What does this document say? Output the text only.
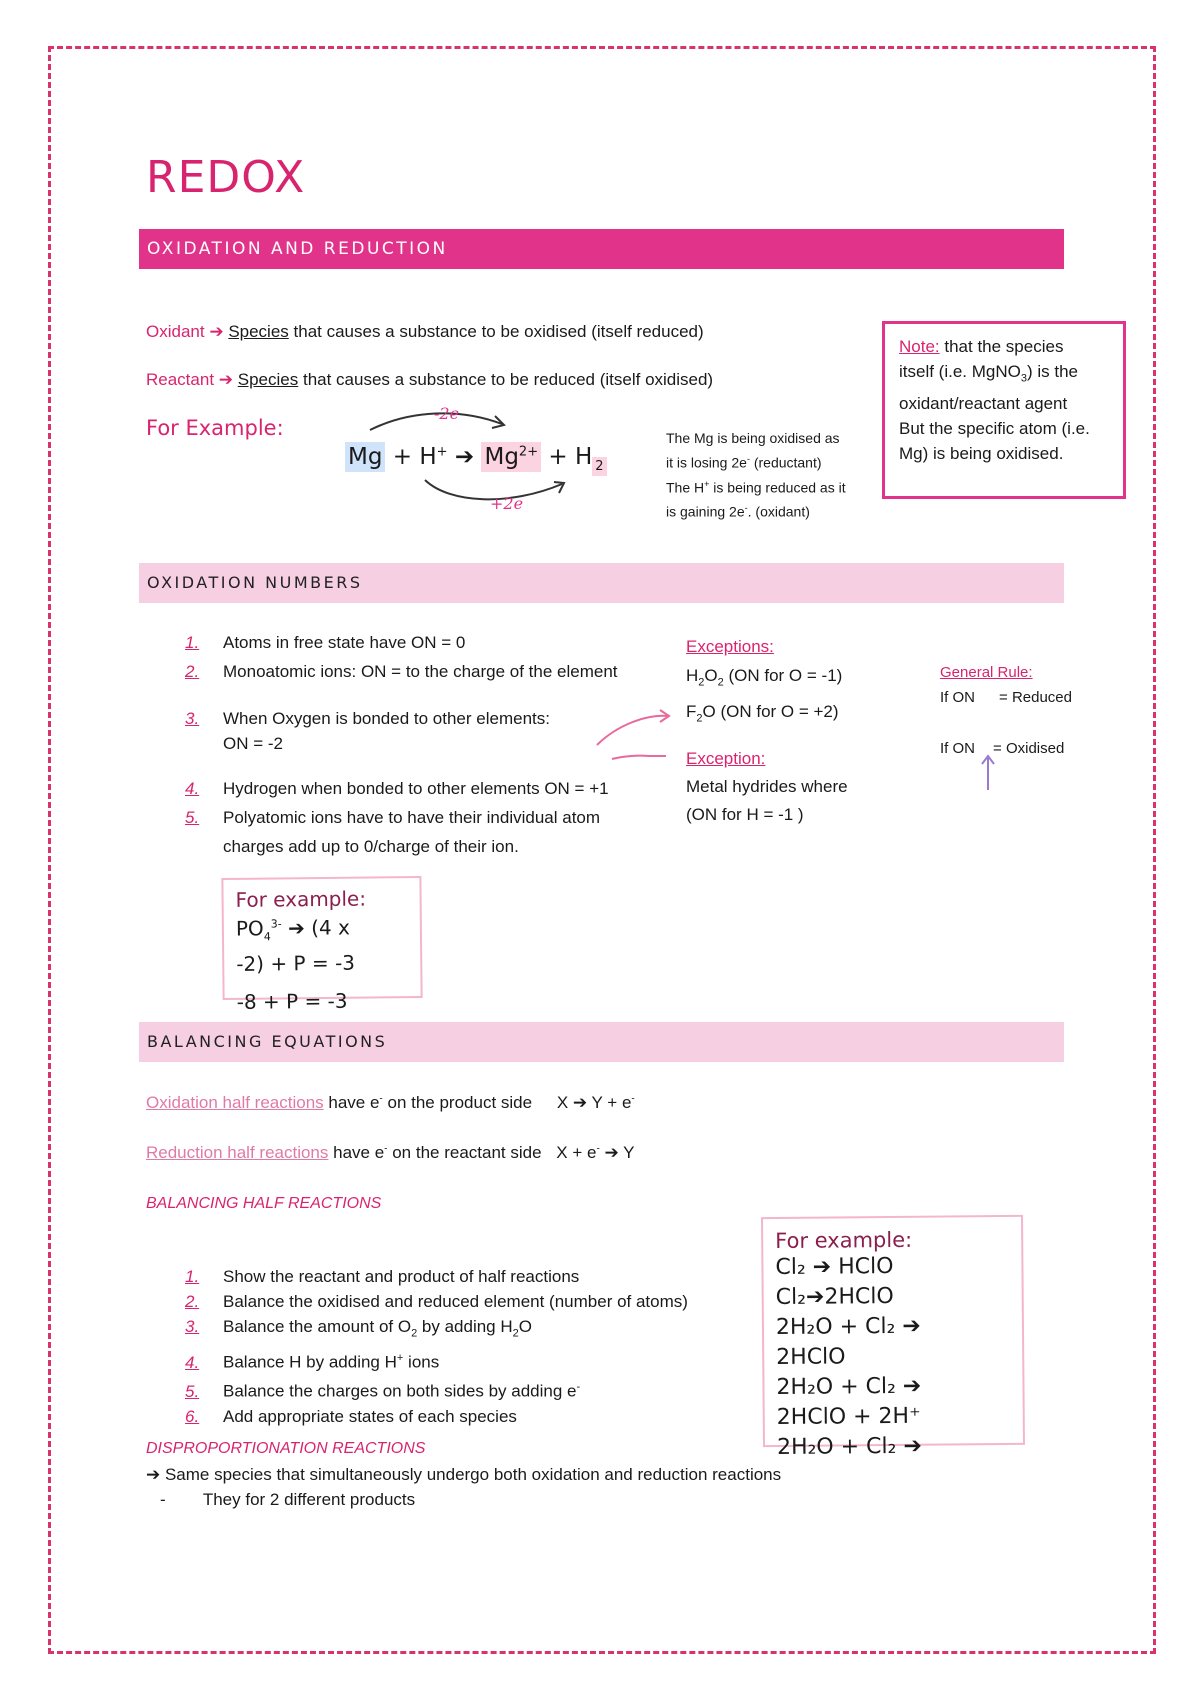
REDOX
OXIDATION AND REDUCTION
Oxidant ➔ Species that causes a substance to be oxidised (itself reduced)
Reactant ➔ Species that causes a substance to be reduced (itself oxidised)
For Example:
-2e
+2e
Mg + H+ ➔ $Mg^{2+} + H$ $_2$
The Mg is being oxidised as
it is losing 2e- (reductant)
The H+ is being reduced as it
is gaining 2e-. (oxidant)
Note: that the species
itself (i.e. MgNO$_3$) is the
oxidant/reactant agent
But the specific atom (i.e.
Mg) is being oxidised.
OXIDATION NUMBERS
1. Atoms in free state have ON = 0
2. Monoatomic ions: ON = to the charge of the element
3. When Oxygen is bonded to other elements:
ON = -2
4. Hydrogen when bonded to other elements ON = +1
5. Polyatomic ions have to have their individual atom
charges add up to 0/charge of their ion.
Exceptions:
$H_2O_2$ (ON for O = -1)
$F_2O$ (ON for O = +2)
Exception:
Metal hydrides where
(ON for H = -1 )
General Rule:
If ON = Reduced
If ON = Oxidised
For example:
$PO_4^{3-}$ ➔ (4 x
-2) + P = -3
-8 + P = -3
BALANCING EQUATIONS
Oxidation half reactions have e- on the product side X ➔ Y + e-
Reduction half reactions have e- on the reactant side X + e- ➔ Y
BALANCING HALF REACTIONS
1. Show the reactant and product of half reactions
2. Balance the oxidised and reduced element (number of atoms)
3. Balance the amount of $O_2$ by adding $H_2O$
4. Balance H by adding H+ ions
5. Balance the charges on both sides by adding e-
6. Add appropriate states of each species
For example:
Cl₂ ➔ HClO
Cl₂➔2HClO
2H₂O + Cl₂ ➔
2HClO
2H₂O + Cl₂ ➔
2HClO + 2H⁺
2H₂O + Cl₂ ➔
DISPROPORTIONATION REACTIONS
➔ Same species that simultaneously undergo both oxidation and reduction reactions
- They for 2 different products
